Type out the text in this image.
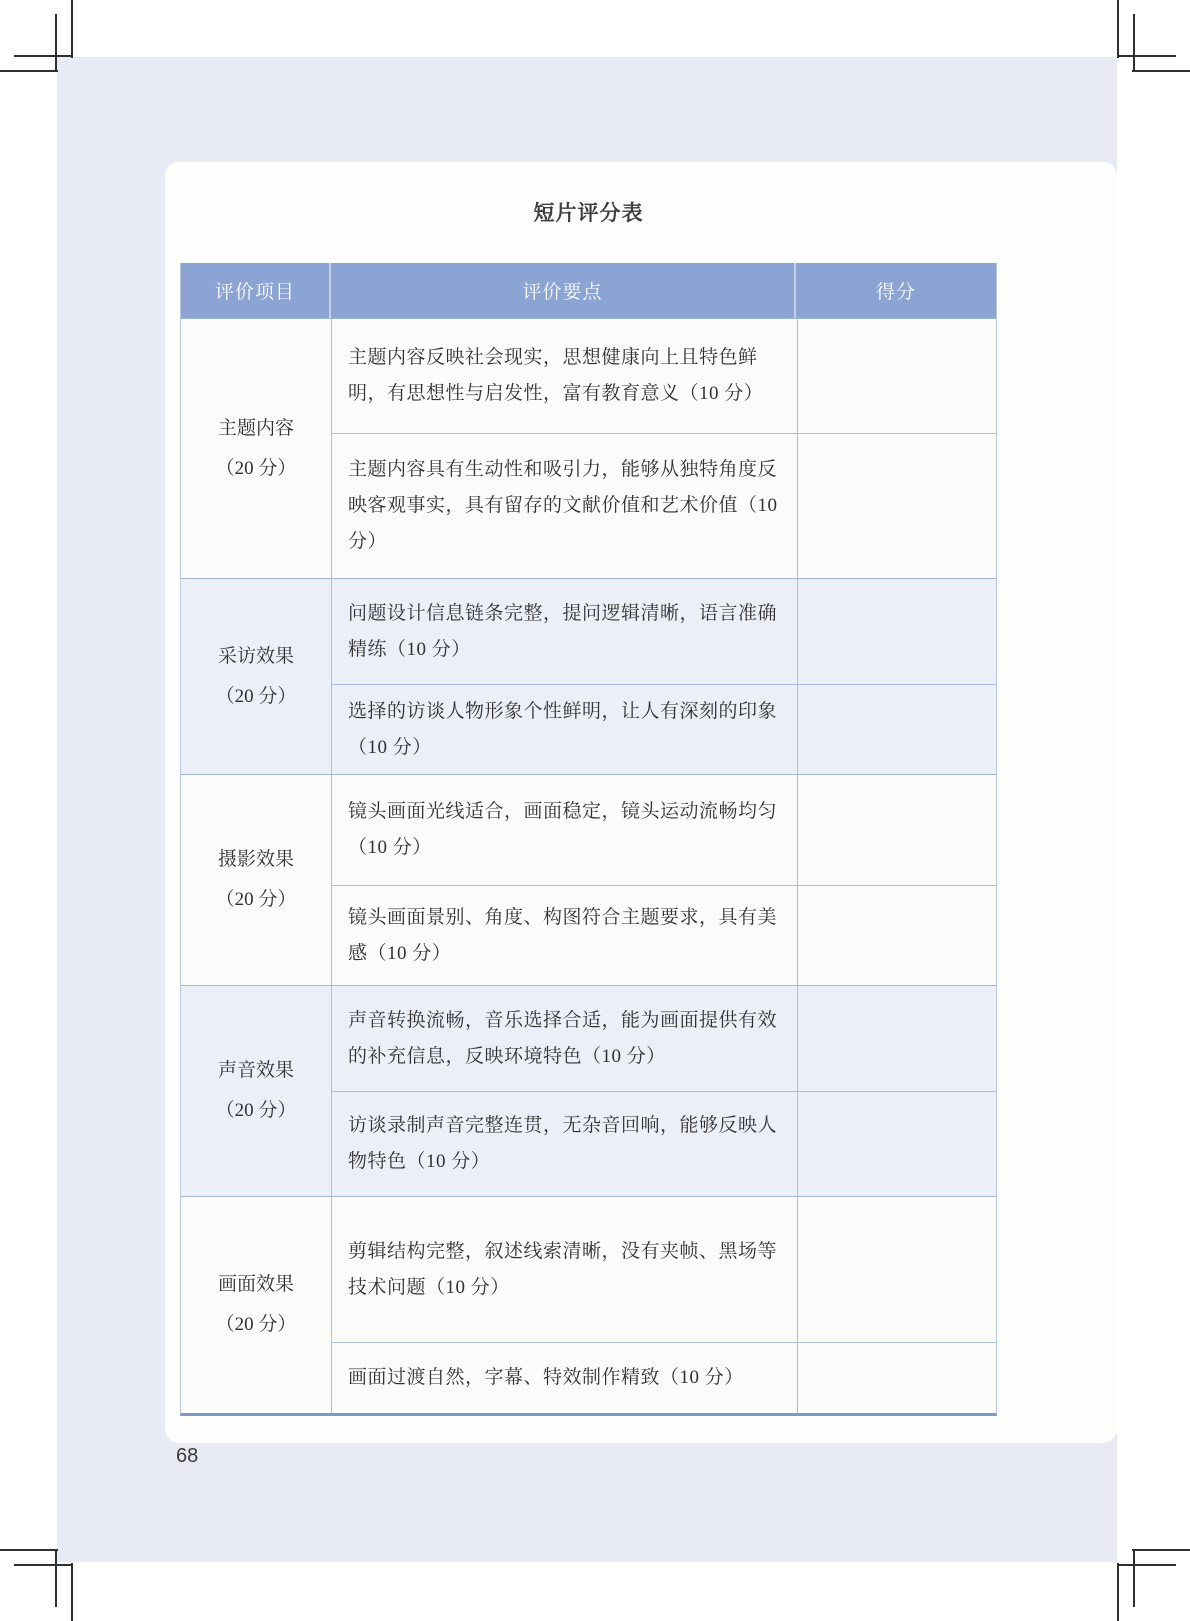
短片评分表
评价项目	评价要点	得分
主题内容
（20 分）

主题内容反映社会现实，思想健康向上且特色鲜明，有思想性与启发性，富有教育意义（10 分）

主题内容具有生动性和吸引力，能够从独特角度反映客观事实，具有留存的文献价值和艺术价值（10 分）

采访效果
（20 分）

问题设计信息链条完整，提问逻辑清晰，语言准确精练（10 分）

选择的访谈人物形象个性鲜明，让人有深刻的印象（10 分）

摄影效果
（20 分）

镜头画面光线适合，画面稳定，镜头运动流畅均匀（10 分）

镜头画面景别、角度、构图符合主题要求，具有美感（10 分）

声音效果
（20 分）

声音转换流畅，音乐选择合适，能为画面提供有效的补充信息，反映环境特色（10 分）

访谈录制声音完整连贯，无杂音回响，能够反映人物特色（10 分）

画面效果
（20 分）

剪辑结构完整，叙述线索清晰，没有夹帧、黑场等技术问题（10 分）

画面过渡自然，字幕、特效制作精致（10 分）

68
